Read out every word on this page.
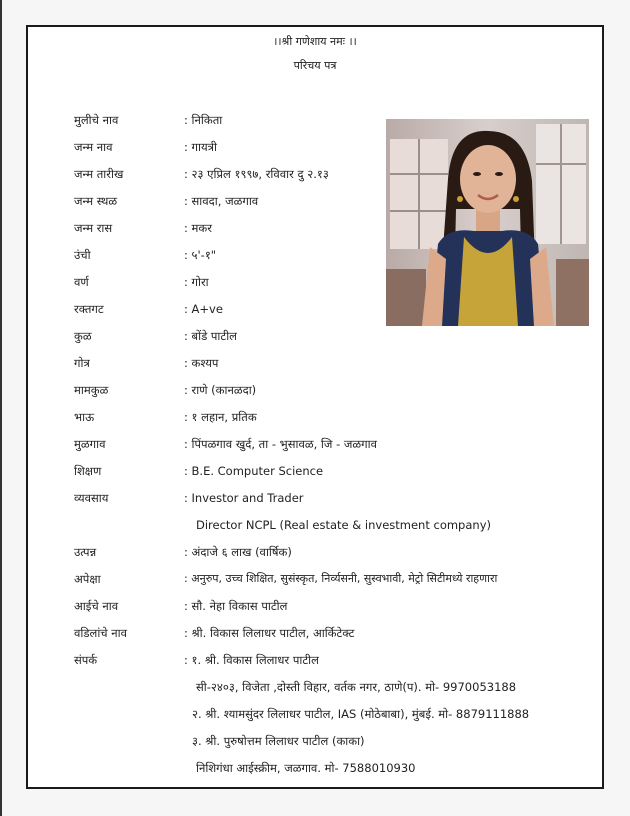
।।श्री गणेशाय नमः ।।
परिचय पत्र
मुलीचे नाव	: निकिता
जन्म नाव	: गायत्री
जन्म तारीख	: २३ एप्रिल १९९७, रविवार दु २.१३
जन्म स्थळ	: सावदा, जळगाव
जन्म रास	: मकर
उंची	: ५'-१"
वर्ण	: गोरा
रक्तगट	: A+ve
कुळ	: बोंडे पाटील
गोत्र	: कश्यप
मामकुळ	: राणे (कानळदा)
भाऊ	: १ लहान, प्रतिक
मुळगाव	: पिंपळगाव खुर्द, ता - भुसावळ, जि - जळगाव
शिक्षण	: B.E. Computer Science
व्यवसाय	: Investor and Trader
Director NCPL (Real estate & investment company)
उत्पन्न	: अंदाजे ६ लाख (वार्षिक)
अपेक्षा	: अनुरुप, उच्च शिक्षित, सुसंस्कृत, निर्व्यसनी, सुस्वभावी, मेट्रो सिटीमध्ये राहणारा
आईचे नाव	: सौ. नेहा विकास पाटील
वडिलांचे नाव	: श्री. विकास लिलाधर पाटील, आर्किटेक्ट
संपर्क	: १. श्री. विकास लिलाधर पाटील
सी-२४०३, विजेता ,दोस्ती विहार, वर्तक नगर, ठाणे(प). मो- 9970053188
२. श्री. श्यामसुंदर लिलाधर पाटील, IAS (मोठेबाबा), मुंबई. मो- 8879111888
३. श्री. पुरुषोत्तम लिलाधर पाटील (काका)
निशिगंधा आईस्क्रीम, जळगाव. मो- 7588010930
